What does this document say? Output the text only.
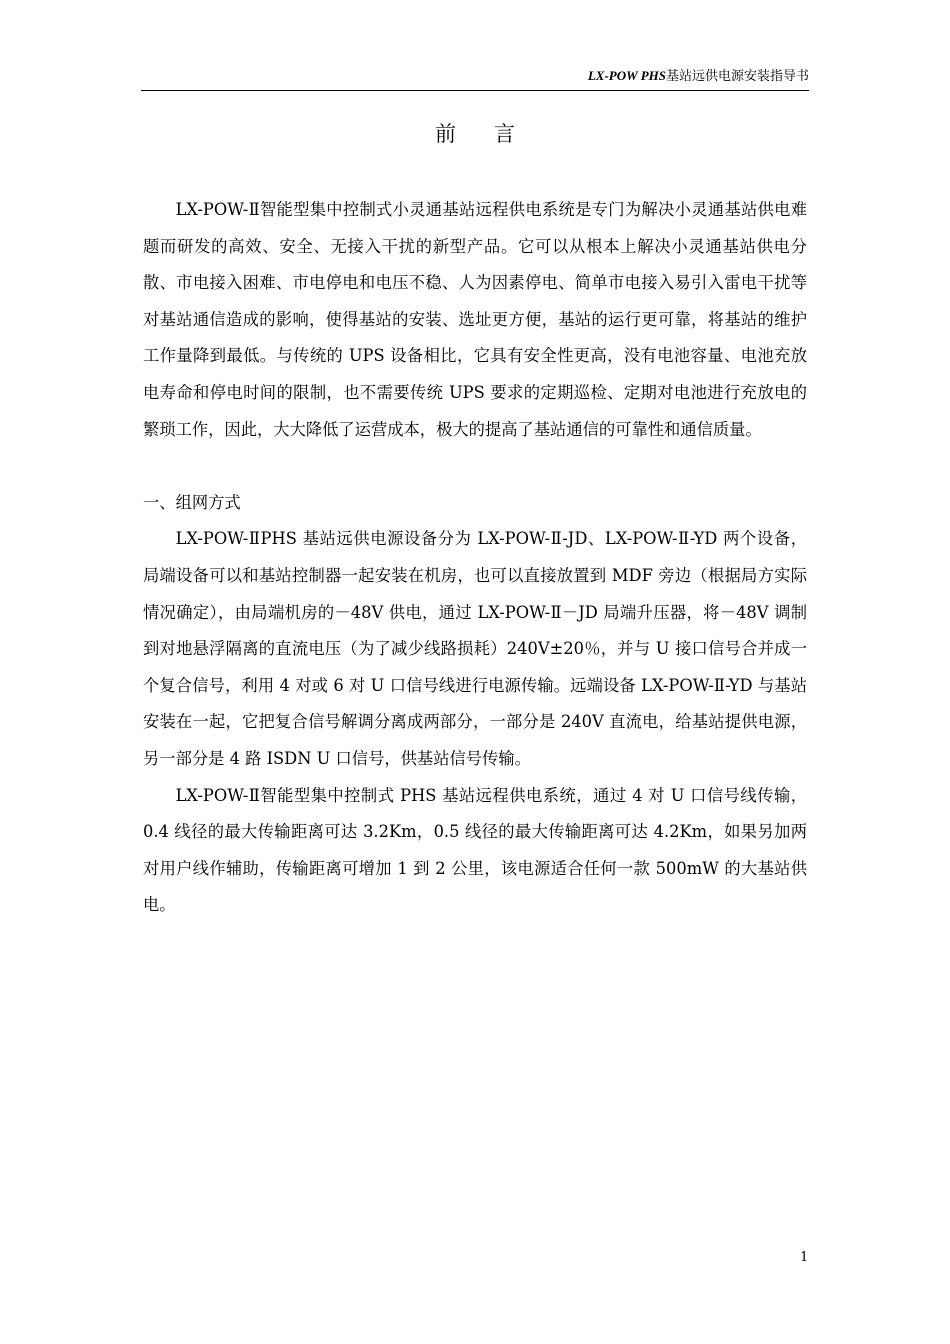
LX-POW PHS基站远供电源安装指导书
前言

LX-POW-Ⅱ智能型集中控制式小灵通基站远程供电系统是专门为解决小灵通基站供电难题而研发的高效、安全、无接入干扰的新型产品。它可以从根本上解决小灵通基站供电分散、市电接入困难、市电停电和电压不稳、人为因素停电、简单市电接入易引入雷电干扰等对基站通信造成的影响，使得基站的安装、选址更方便，基站的运行更可靠，将基站的维护工作量降到最低。与传统的 UPS 设备相比，它具有安全性更高，没有电池容量、电池充放电寿命和停电时间的限制，也不需要传统 UPS 要求的定期巡检、定期对电池进行充放电的繁琐工作，因此，大大降低了运营成本，极大的提高了基站通信的可靠性和通信质量。

一、组网方式

LX-POW-ⅡPHS 基站远供电源设备分为 LX-POW-Ⅱ-JD、LX-POW-Ⅱ-YD 两个设备，局端设备可以和基站控制器一起安装在机房，也可以直接放置到 MDF 旁边（根据局方实际情况确定），由局端机房的－48V 供电，通过 LX-POW-Ⅱ－JD 局端升压器，将－48V 调制到对地悬浮隔离的直流电压（为了减少线路损耗）240V±20％，并与 U 接口信号合并成一个复合信号，利用 4 对或 6 对 U 口信号线进行电源传输。远端设备 LX-POW-Ⅱ-YD 与基站安装在一起，它把复合信号解调分离成两部分，一部分是 240V 直流电，给基站提供电源，另一部分是 4 路 ISDN U 口信号，供基站信号传输。

LX-POW-Ⅱ智能型集中控制式 PHS 基站远程供电系统，通过 4 对 U 口信号线传输，0.4 线径的最大传输距离可达 3.2Km，0.5 线径的最大传输距离可达 4.2Km，如果另加两对用户线作辅助，传输距离可增加 1 到 2 公里，该电源适合任何一款 500mW 的大基站供电。

1
